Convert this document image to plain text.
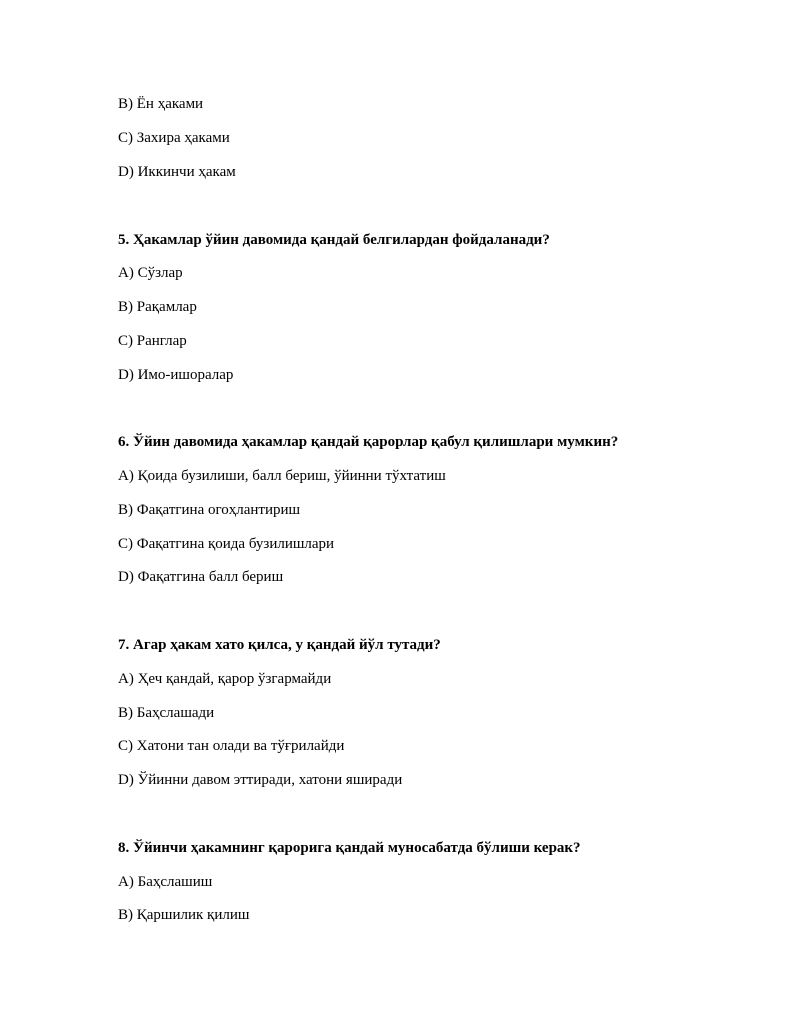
B) Ён ҳаками
C) Захира ҳаками
D) Иккинчи ҳакам
5. Ҳакамлар ўйин давомида қандай белгилардан фойдаланади?
A) Сўзлар
B) Рақамлар
C) Ранглар
D) Имо-ишоралар
6. Ўйин давомида ҳакамлар қандай қарорлар қабул қилишлари мумкин?
A) Қоида бузилиши, балл бериш, ўйинни тўхтатиш
B) Фақатгина огоҳлантириш
C) Фақатгина қоида бузилишлари
D) Фақатгина балл бериш
7. Агар ҳакам хато қилса, у қандай йўл тутади?
A) Ҳеч қандай, қарор ўзгармайди
B) Баҳслашади
C) Хатони тан олади ва тўғрилайди
D) Ўйинни давом эттиради, хатони яширади
8. Ўйинчи ҳакамнинг қарорига қандай муносабатда бўлиши керак?
A) Баҳслашиш
B) Қаршилик қилиш
